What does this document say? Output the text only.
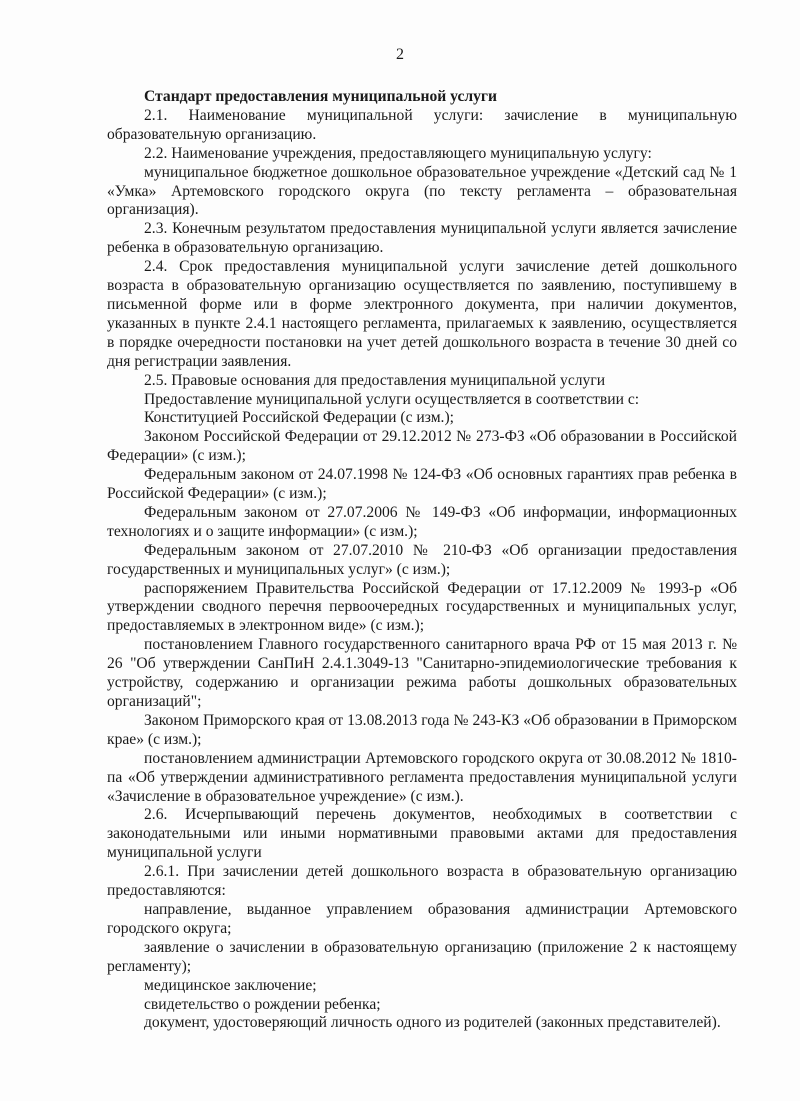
2
Стандарт предоставления муниципальной услуги

2.1. Наименование муниципальной услуги: зачисление в муниципальную образовательную организацию.

2.2. Наименование учреждения, предоставляющего муниципальную услугу:

муниципальное бюджетное дошкольное образовательное учреждение «Детский сад № 1 «Умка» Артемовского городского округа (по тексту регламента – образовательная организация).

2.3. Конечным результатом предоставления муниципальной услуги является зачисление ребенка в образовательную организацию.

2.4. Срок предоставления муниципальной услуги зачисление детей дошкольного возраста в образовательную организацию осуществляется по заявлению, поступившему в письменной форме или в форме электронного документа, при наличии документов, указанных в пункте 2.4.1 настоящего регламента, прилагаемых к заявлению, осуществляется в порядке очередности постановки на учет детей дошкольного возраста в течение 30 дней со дня регистрации заявления.

2.5. Правовые основания для предоставления муниципальной услуги

Предоставление муниципальной услуги осуществляется в соответствии с:

Конституцией Российской Федерации (с изм.);

Законом Российской Федерации от 29.12.2012 № 273-ФЗ «Об образовании в Российской Федерации» (с изм.);

Федеральным законом от 24.07.1998 № 124-ФЗ «Об основных гарантиях прав ребенка в Российской Федерации» (с изм.);

Федеральным законом от 27.07.2006 № 149-ФЗ «Об информации, информационных технологиях и о защите информации» (с изм.);

Федеральным законом от 27.07.2010 № 210-ФЗ «Об организации предоставления государственных и муниципальных услуг» (с изм.);

распоряжением Правительства Российской Федерации от 17.12.2009 № 1993-р «Об утверждении сводного перечня первоочередных государственных и муниципальных услуг, предоставляемых в электронном виде» (с изм.);

постановлением Главного государственного санитарного врача РФ от 15 мая 2013 г. № 26 "Об утверждении СанПиН 2.4.1.3049-13 "Санитарно-эпидемиологические требования к устройству, содержанию и организации режима работы дошкольных образовательных организаций";

Законом Приморского края от 13.08.2013 года № 243-КЗ «Об образовании в Приморском крае» (с изм.);

постановлением администрации Артемовского городского округа от 30.08.2012 № 1810-па «Об утверждении административного регламента предоставления муниципальной услуги «Зачисление в образовательное учреждение» (с изм.).

2.6. Исчерпывающий перечень документов, необходимых в соответствии с законодательными или иными нормативными правовыми актами для предоставления муниципальной услуги

2.6.1. При зачислении детей дошкольного возраста в образовательную организацию предоставляются:

направление, выданное управлением образования администрации Артемовского городского округа;

заявление о зачислении в образовательную организацию (приложение 2 к настоящему регламенту);

медицинское заключение;

свидетельство о рождении ребенка;

документ, удостоверяющий личность одного из родителей (законных представителей).
